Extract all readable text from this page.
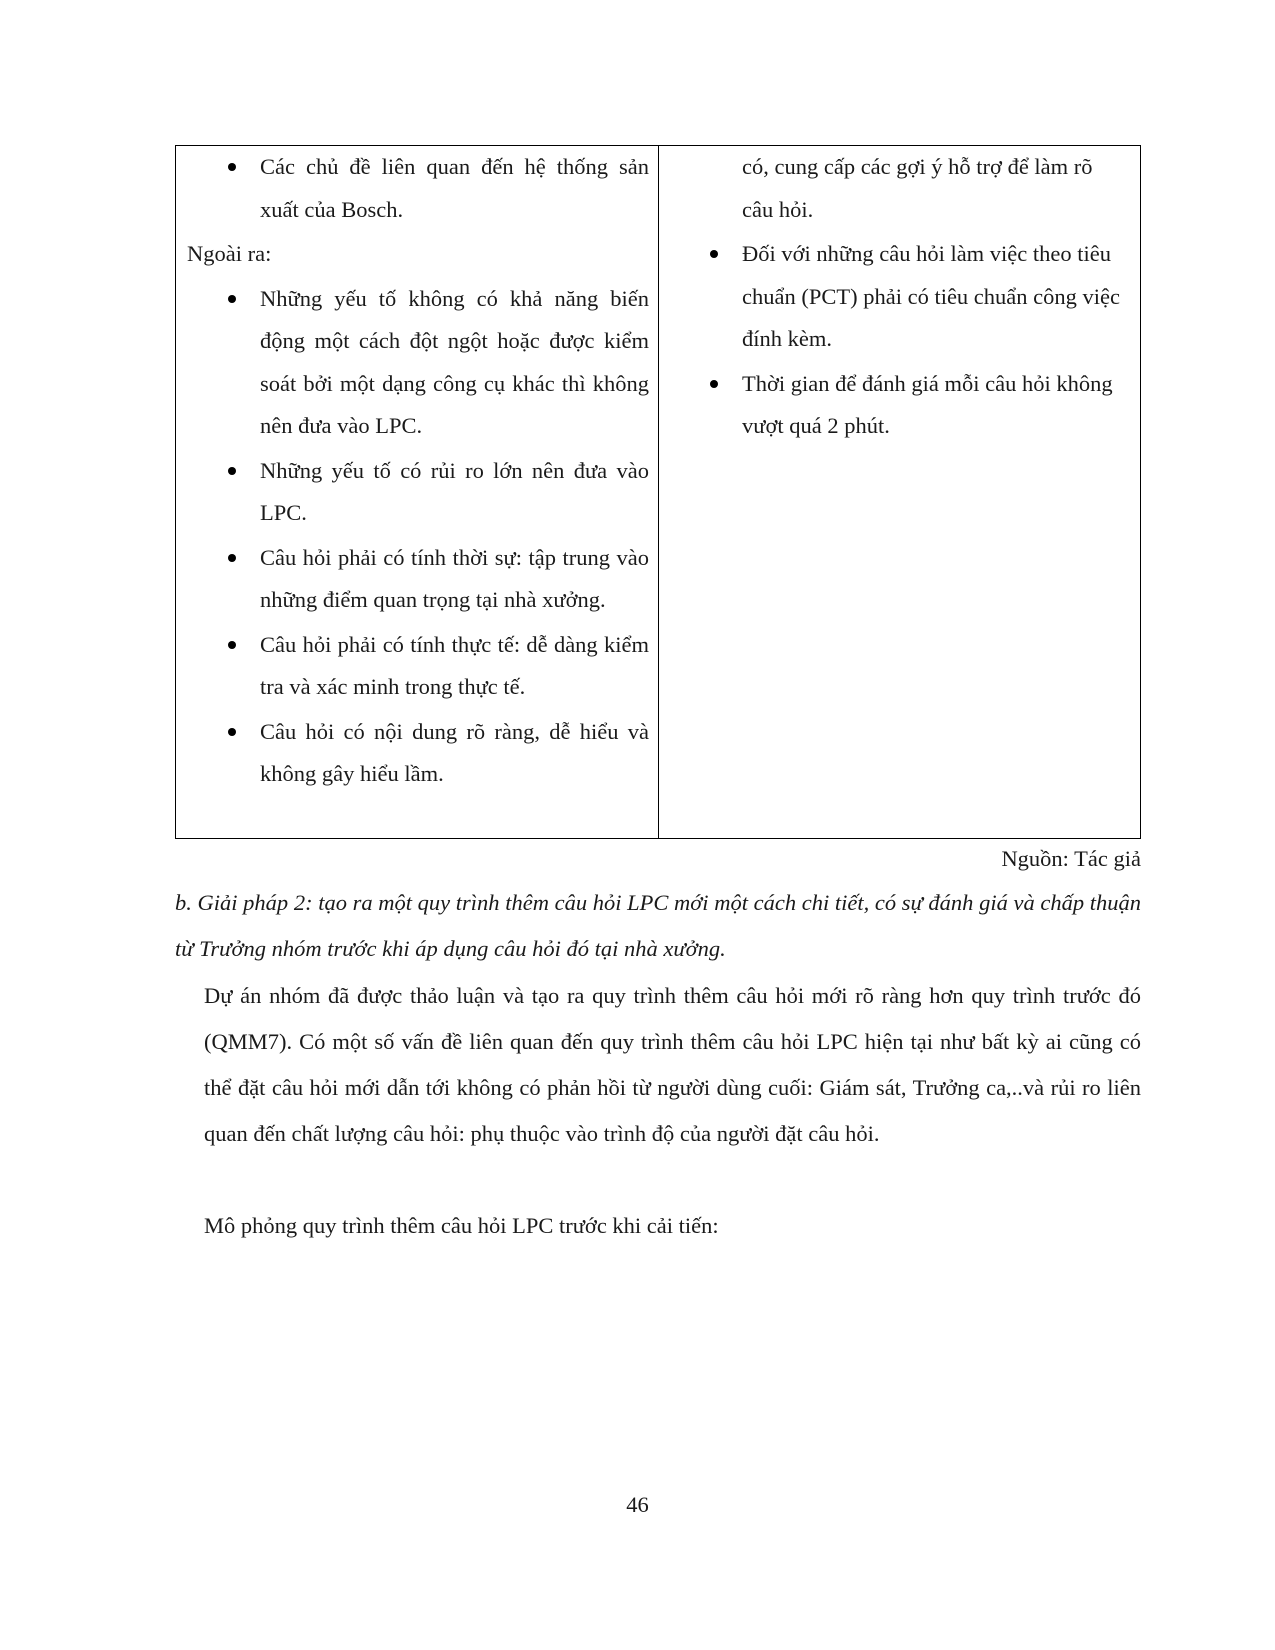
Các chủ đề liên quan đến hệ thống sản xuất của Bosch.
Ngoài ra:
Những yếu tố không có khả năng biến động một cách đột ngột hoặc được kiểm soát bởi một dạng công cụ khác thì không nên đưa vào LPC.
Những yếu tố có rủi ro lớn nên đưa vào LPC.
Câu hỏi phải có tính thời sự: tập trung vào những điểm quan trọng tại nhà xưởng.
Câu hỏi phải có tính thực tế: dễ dàng kiểm tra và xác minh trong thực tế.
Câu hỏi có nội dung rõ ràng, dễ hiểu và không gây hiểu lầm.
có, cung cấp các gợi ý hỗ trợ để làm rõ câu hỏi.
Đối với những câu hỏi làm việc theo tiêu chuẩn (PCT) phải có tiêu chuẩn công việc đính kèm.
Thời gian để đánh giá mỗi câu hỏi không vượt quá 2 phút.
Nguồn: Tác giả
b. Giải pháp 2: tạo ra một quy trình thêm câu hỏi LPC mới một cách chi tiết, có sự đánh giá và chấp thuận từ Trưởng nhóm trước khi áp dụng câu hỏi đó tại nhà xưởng.

Dự án nhóm đã được thảo luận và tạo ra quy trình thêm câu hỏi mới rõ ràng hơn quy trình trước đó (QMM7). Có một số vấn đề liên quan đến quy trình thêm câu hỏi LPC hiện tại như bất kỳ ai cũng có thể đặt câu hỏi mới dẫn tới không có phản hồi từ người dùng cuối: Giám sát, Trưởng ca,..và rủi ro liên quan đến chất lượng câu hỏi: phụ thuộc vào trình độ của người đặt câu hỏi.

Mô phỏng quy trình thêm câu hỏi LPC trước khi cải tiến:
46
